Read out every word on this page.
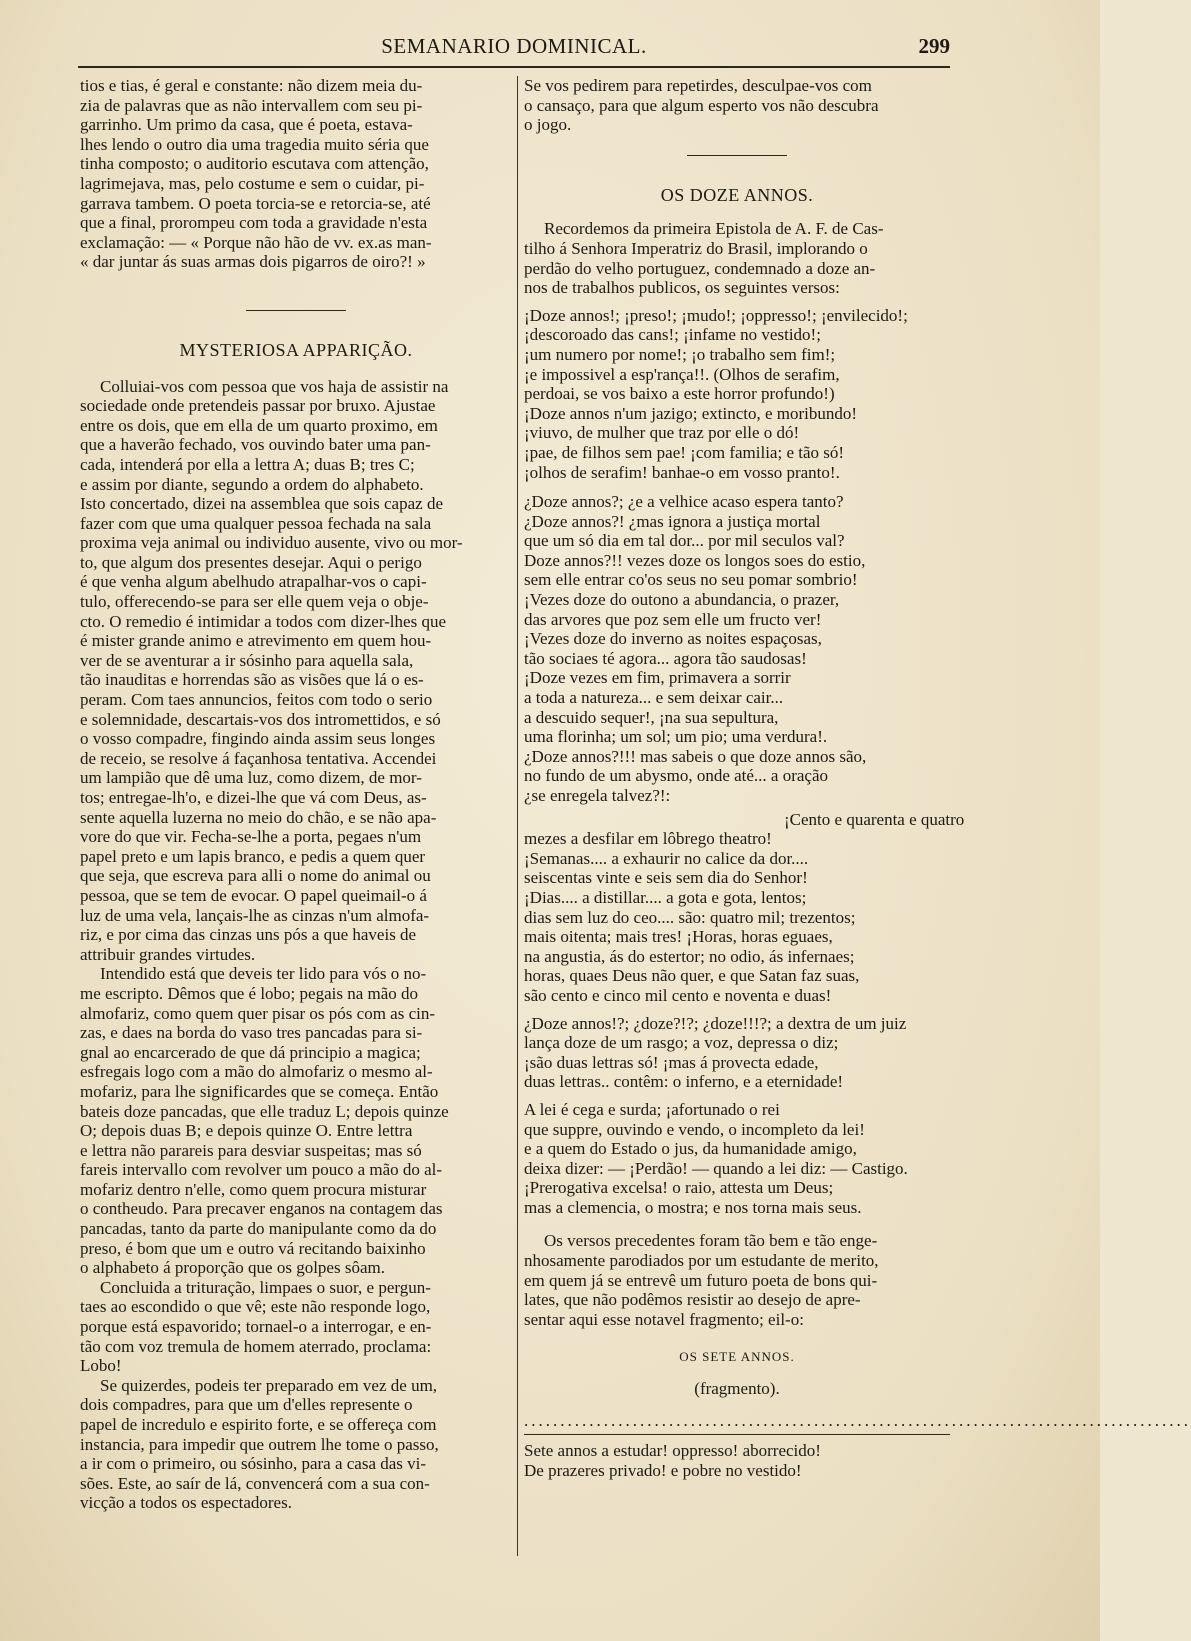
SEMANARIO DOMINICAL.	299
tios e tias, é geral e constante: não dizem meia du-
zia de palavras que as não intervallem com seu pi-
garrinho. Um primo da casa, que é poeta, estava-
lhes lendo o outro dia uma tragedia muito séria que
tinha composto; o auditorio escutava com attenção,
lagrimejava, mas, pelo costume e sem o cuidar, pi-
garrava tambem. O poeta torcia-se e retorcia-se, até
que a final, prorompeu com toda a gravidade n'esta
exclamação: — « Porque não hão de vv. ex.as man-
« dar juntar ás suas armas dois pigarros de oiro?! »
MYSTERIOSA APPARIÇÃO.
Colluiai-vos com pessoa que vos haja de assistir na
sociedade onde pretendeis passar por bruxo. Ajustae
entre os dois, que em ella de um quarto proximo, em
que a haverão fechado, vos ouvindo bater uma pan-
cada, intenderá por ella a lettra A; duas B; tres C;
e assim por diante, segundo a ordem do alphabeto.
Isto concertado, dizei na assemblea que sois capaz de
fazer com que uma qualquer pessoa fechada na sala
proxima veja animal ou individuo ausente, vivo ou mor-
to, que algum dos presentes desejar. Aqui o perigo
é que venha algum abelhudo atrapalhar-vos o capi-
tulo, offerecendo-se para ser elle quem veja o obje-
cto. O remedio é intimidar a todos com dizer-lhes que
é mister grande animo e atrevimento em quem hou-
ver de se aventurar a ir sósinho para aquella sala,
tão inauditas e horrendas são as visões que lá o es-
peram. Com taes annuncios, feitos com todo o serio
e solemnidade, descartais-vos dos intromettidos, e só
o vosso compadre, fingindo ainda assim seus longes
de receio, se resolve á façanhosa tentativa. Accendei
um lampião que dê uma luz, como dizem, de mor-
tos; entregae-lh'o, e dizei-lhe que vá com Deus, as-
sente aquella luzerna no meio do chão, e se não apa-
vore do que vir. Fecha-se-lhe a porta, pegaes n'um
papel preto e um lapis branco, e pedis a quem quer
que seja, que escreva para alli o nome do animal ou
pessoa, que se tem de evocar. O papel queimail-o á
luz de uma vela, lançais-lhe as cinzas n'um almofa-
riz, e por cima das cinzas uns pós a que haveis de
attribuir grandes virtudes.
Intendido está que deveis ter lido para vós o no-
me escripto. Dêmos que é lobo; pegais na mão do
almofariz, como quem quer pisar os pós com as cin-
zas, e daes na borda do vaso tres pancadas para si-
gnal ao encarcerado de que dá principio a magica;
esfregais logo com a mão do almofariz o mesmo al-
mofariz, para lhe significardes que se começa. Então
bateis doze pancadas, que elle traduz L; depois quinze
O; depois duas B; e depois quinze O. Entre lettra
e lettra não parareis para desviar suspeitas; mas só
fareis intervallo com revolver um pouco a mão do al-
mofariz dentro n'elle, como quem procura misturar
o contheudo. Para precaver enganos na contagem das
pancadas, tanto da parte do manipulante como da do
preso, é bom que um e outro vá recitando baixinho
o alphabeto á proporção que os golpes sôam.
Concluida a trituração, limpaes o suor, e pergun-
taes ao escondido o que vê; este não responde logo,
porque está espavorido; tornael-o a interrogar, e en-
tão com voz tremula de homem aterrado, proclama:
Lobo!
Se quizerdes, podeis ter preparado em vez de um,
dois compadres, para que um d'elles represente o
papel de incredulo e espirito forte, e se offereça com
instancia, para impedir que outrem lhe tome o passo,
a ir com o primeiro, ou sósinho, para a casa das vi-
sões. Este, ao saír de lá, convencerá com a sua con-
vicção a todos os espectadores.
Se vos pedirem para repetirdes, desculpae-vos com
o cansaço, para que algum esperto vos não descubra
o jogo.
OS DOZE ANNOS.
Recordemos da primeira Epistola de A. F. de Cas-
tilho á Senhora Imperatriz do Brasil, implorando o
perdão do velho portuguez, condemnado a doze an-
nos de trabalhos publicos, os seguintes versos:
¡Doze annos!; ¡preso!; ¡mudo!; ¡oppresso!; ¡envilecido!;
¡descoroado das cans!; ¡infame no vestido!;
¡um numero por nome!; ¡o trabalho sem fim!;
¡e impossivel a esp'rança!!. (Olhos de serafim,
perdoai, se vos baixo a este horror profundo!)
¡Doze annos n'um jazigo; extincto, e moribundo!
¡viuvo, de mulher que traz por elle o dó!
¡pae, de filhos sem pae! ¡com familia; e tão só!
¡olhos de serafim! banhae-o em vosso pranto!.
¿Doze annos?; ¿e a velhice acaso espera tanto?
¿Doze annos?! ¿mas ignora a justiça mortal
que um só dia em tal dor... por mil seculos val?
Doze annos?!! vezes doze os longos soes do estio,
sem elle entrar co'os seus no seu pomar sombrio!
¡Vezes doze do outono a abundancia, o prazer,
das arvores que poz sem elle um fructo ver!
¡Vezes doze do inverno as noites espaçosas,
tão sociaes té agora... agora tão saudosas!
¡Doze vezes em fim, primavera a sorrir
a toda a natureza... e sem deixar cair...
a descuido sequer!, ¡na sua sepultura,
uma florinha; um sol; um pio; uma verdura!.
¿Doze annos?!!! mas sabeis o que doze annos são,
no fundo de um abysmo, onde até... a oração
¿se enregela talvez?!:
¡Cento e quarenta e quatro
mezes a desfilar em lôbrego theatro!
¡Semanas.... a exhaurir no calice da dor....
seiscentas vinte e seis sem dia do Senhor!
¡Dias.... a distillar.... a gota e gota, lentos;
dias sem luz do ceo.... são: quatro mil; trezentos;
mais oitenta; mais tres! ¡Horas, horas eguaes,
na angustia, ás do estertor; no odio, ás infernaes;
horas, quaes Deus não quer, e que Satan faz suas,
são cento e cinco mil cento e noventa e duas!
¿Doze annos!?; ¿doze?!?; ¿doze!!!?; a dextra de um juiz
lança doze de um rasgo; a voz, depressa o diz;
¡são duas lettras só! ¡mas á provecta edade,
duas lettras.. contêm: o inferno, e a eternidade!
A lei é cega e surda; ¡afortunado o rei
que suppre, ouvindo e vendo, o incompleto da lei!
e a quem do Estado o jus, da humanidade amigo,
deixa dizer: — ¡Perdão! — quando a lei diz: — Castigo.
¡Prerogativa excelsa! o raio, attesta um Deus;
mas a clemencia, o mostra; e nos torna mais seus.
Os versos precedentes foram tão bem e tão enge-
nhosamente parodiados por um estudante de merito,
em quem já se entrevê um futuro poeta de bons qui-
lates, que não podêmos resistir ao desejo de apre-
sentar aqui esse notavel fragmento; eil-o:
OS SETE ANNOS.
(fragmento).
............................................................................................
Sete annos a estudar! oppresso! aborrecido!
De prazeres privado! e pobre no vestido!
